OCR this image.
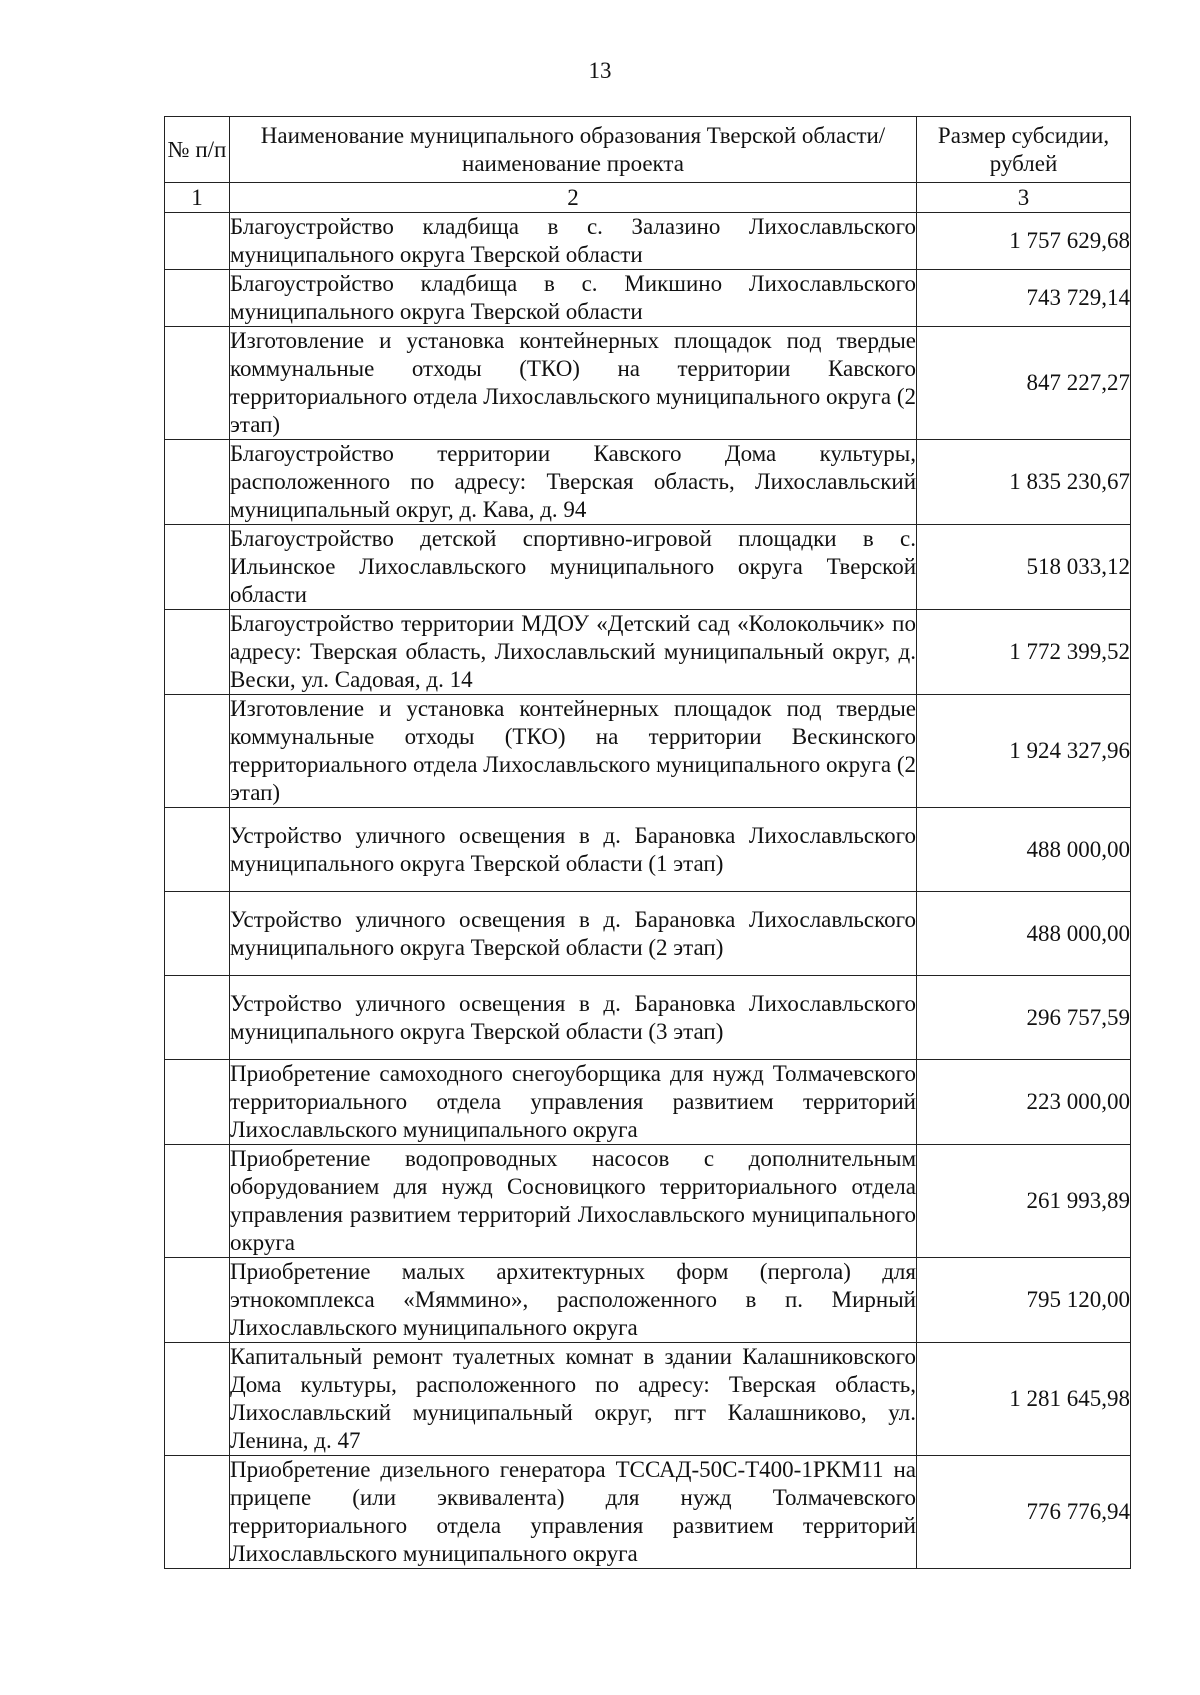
13
№ п/п	Наименование муниципального образования Тверской области/наименование проекта	Размер субсидии, рублей
1	2	3

	Благоустройство кладбища в с. Залазино Лихославльского муниципального округа Тверской области	1 757 629,68

	Благоустройство кладбища в с. Микшино Лихославльского муниципального округа Тверской области	743 729,14

	Изготовление и установка контейнерных площадок под твердые коммунальные отходы (ТКО) на территории Кавского территориального отдела Лихославльского муниципального округа (2 этап)	847 227,27

	Благоустройство территории Кавского Дома культуры, расположенного по адресу: Тверская область, Лихославльский муниципальный округ, д. Кава, д. 94	1 835 230,67

	Благоустройство детской спортивно-игровой площадки в с. Ильинское Лихославльского муниципального округа Тверской области	518 033,12

	Благоустройство территории МДОУ «Детский сад «Колокольчик» по адресу: Тверская область, Лихославльский муниципальный округ, д. Вески, ул. Садовая, д. 14	1 772 399,52

	Изготовление и установка контейнерных площадок под твердые коммунальные отходы (ТКО) на территории Вескинского территориального отдела Лихославльского муниципального округа (2 этап)	1 924 327,96

	Устройство уличного освещения в д. Барановка Лихославльского муниципального округа Тверской области (1 этап)	488 000,00

	Устройство уличного освещения в д. Барановка Лихославльского муниципального округа Тверской области (2 этап)	488 000,00

	Устройство уличного освещения в д. Барановка Лихославльского муниципального округа Тверской области (3 этап)	296 757,59

	Приобретение самоходного снегоуборщика для нужд Толмачевского территориального отдела управления развитием территорий Лихославльского муниципального округа	223 000,00

	Приобретение водопроводных насосов с дополнительным оборудованием для нужд Сосновицкого территориального отдела управления развитием территорий Лихославльского муниципального округа	261 993,89

	Приобретение малых архитектурных форм (пергола) для этнокомплекса «Мяммино», расположенного в п. Мирный Лихославльского муниципального округа	795 120,00

	Капитальный ремонт туалетных комнат в здании Калашниковского Дома культуры, расположенного по адресу: Тверская область, Лихославльский муниципальный округ, пгт Калашниково, ул. Ленина, д. 47	1 281 645,98

	Приобретение дизельного генератора ТССАД-50С-Т400-1РКМ11 на прицепе (или эквивалента) для нужд Толмачевского территориального отдела управления развитием территорий Лихославльского муниципального округа	776 776,94
